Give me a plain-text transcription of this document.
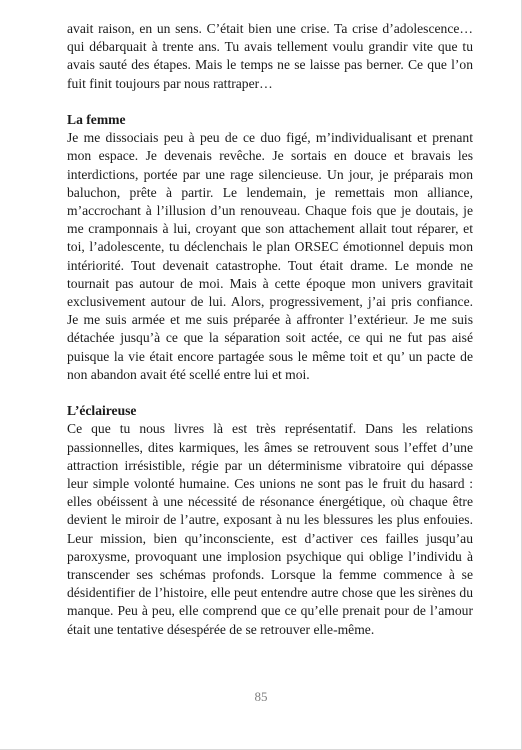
avait raison, en un sens. C’était bien une crise. Ta crise d’adolescence… qui débarquait à trente ans. Tu avais tellement voulu grandir vite que tu avais sauté des étapes. Mais le temps ne se laisse pas berner. Ce que l’on fuit finit toujours par nous rattraper…

La femme

Je me dissociais peu à peu de ce duo figé, m’individualisant et prenant mon espace. Je devenais revêche. Je sortais en douce et bravais les interdictions, portée par une rage silencieuse. Un jour, je préparais mon baluchon, prête à partir. Le lendemain, je remettais mon alliance, m’accrochant à l’illusion d’un renouveau. Chaque fois que je doutais, je me cramponnais à lui, croyant que son attachement allait tout réparer, et toi, l’adolescente, tu déclenchais le plan ORSEC émotionnel depuis mon intériorité. Tout devenait catastrophe. Tout était drame. Le monde ne tournait pas autour de moi. Mais à cette époque mon univers gravitait exclusivement autour de lui. Alors, progressivement, j’ai pris confiance. Je me suis armée et me suis préparée à affronter l’extérieur. Je me suis détachée jusqu’à ce que la séparation soit actée, ce qui ne fut pas aisé puisque la vie était encore partagée sous le même toit et qu’ un pacte de non abandon avait été scellé entre lui et moi.

L’éclaireuse

Ce que tu nous livres là est très représentatif. Dans les relations passionnelles, dites karmiques, les âmes se retrouvent sous l’effet d’une attraction irrésistible, régie par un déterminisme vibratoire qui dépasse leur simple volonté humaine. Ces unions ne sont pas le fruit du hasard : elles obéissent à une nécessité de résonance énergétique, où chaque être devient le miroir de l’autre, exposant à nu les blessures les plus enfouies. Leur mission, bien qu’inconsciente, est d’activer ces failles jusqu’au paroxysme, provoquant une implosion psychique qui oblige l’individu à transcender ses schémas profonds. Lorsque la femme commence à se désidentifier de l’histoire, elle peut entendre autre chose que les sirènes du manque. Peu à peu, elle comprend que ce qu’elle prenait pour de l’amour était une tentative désespérée de se retrouver elle-même.

85
